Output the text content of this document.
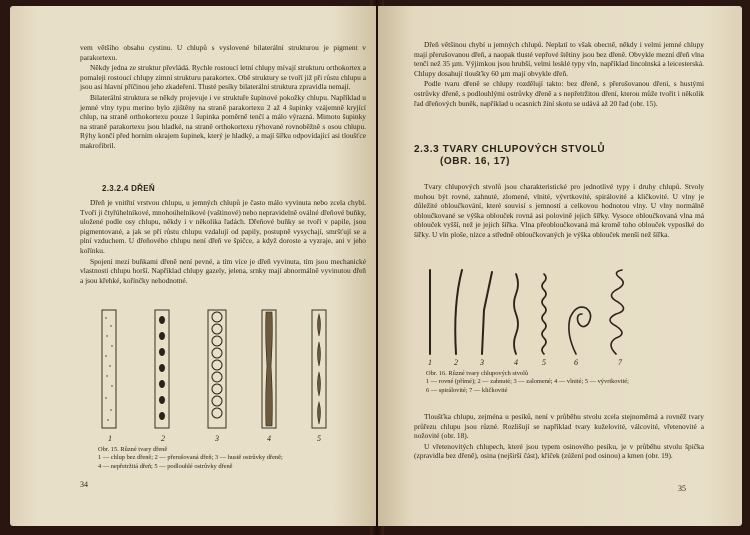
vem většího obsahu cystinu. U chlupů s vyslovené bilaterální strukturou je pigment v parakortexu.

Někdy jedna ze struktur převládá. Rychle rostoucí letní chlupy mívají strukturu orthokortex a pomaleji rostoucí chlupy zimní strukturu parakortex. Obě struktury se tvoří již při růstu chlupu a jsou asi hlavní příčinou jeho zkadeření. Tlusté pesíky bilaterální struktura zpravidla nemají.

Bilaterální struktura se někdy projevuje i ve struktuře šupinové pokožky chlupu. Například u jemné vlny typu merino bylo zjištěny na straně parakortexu 2 až 4 šupinky vzájemně kryjící chlup, na straně orthokortexu pouze 1 šupinka poměrně tenčí a málo výrazná. Mimoto šupinky na straně parakortexu jsou hladké, na straně orthokortexu rýhované rovnoběžně s osou chlupu. Rýhy končí před horním okrajem šupinek, který je hladký, a mají šířku odpovídající asi tloušťce makrofibril.

2.3.2.4 DŘEŇ

Dřeň je vnitřní vrstvou chlupu, u jemných chlupů je často málo vyvinuta nebo zcela chybí. Tvoří ji čtyřúhelníkové, mnohoúhelníkové (vaštinové) nebo nepravidelně oválné dřeňové buňky, uložené podle osy chlupu, někdy i v několika řadách. Dřeňové buňky se tvoří v papile, jsou pigmentované, a jak se při růstu chlupu vzdalují od papily, postupně vysychají, smršťují se a plní vzduchem. U dřeňového chlupu není dřeň ve špičce, a když doroste a vyzraje, ani v jeho kořínku.

Spojení mezi buňkami dřeně není pevné, a tím více je dřeň vyvinuta, tím jsou mechanické vlastnosti chlupu horší. Například chlupy gazely, jelena, srnky mají abnormálně vyvinutou dřeň a jsou křehké, kořínčky nehodnotné.

1	2	3	4	5
Obr. 15. Různé tvary dřeně
1 — chlup bez dřeně; 2 — přerušovaná dřeň; 3 — hustě ostrůvky dřeně;
4 — nepřetržitá dřeň; 5 — podlouhlé ostrůvky dřeně
34

Dřeň většinou chybí u jemných chlupů. Neplatí to však obecně, někdy i velmi jemné chlupy mají přerušovanou dřeň, a naopak tlusté vepřové štětiny jsou bez dřeně. Obvykle mezní dřeň vlna tenčí než 35 µm. Výjimkou jsou hrubší, velmi lesklé typy vln, například lincolnská a leicesterská. Chlupy dosahují tloušťky 60 µm mají obvykle dřeň.

Podle tvaru dřeně se chlupy rozdělují takto: bez dřeně, s přerušovanou dření, s hustými ostrůvky dřeně, s podlouhlými ostrůvky dřeně a s nepřetržitou dření, kterou může tvořit i několik řad dřeňových buněk, například u ocasních žíní skotu se udává až 20 řad (obr. 15).

2.3.3 TVARY CHLUPOVÝCH STVOLŮ
(OBR. 16, 17)

Tvary chlupových stvolů jsou charakteristické pro jednotlivé typy i druhy chlupů. Stvoly mohou být rovné, zahnuté, zlomené, vlnité, vývrtkovité, spirálovité a kličkovité. U vlny je důležité obloučkování, které souvisí s jemností a celkovou hodnotou vlny. U vlny normálně obloučkované se výška oblouček rovná asi polovině jejich šířky. Vysoce obloučkovaná vlna má oblouček vyšší, než je jejich šířka. Vlna přeobloučkovaná má kromě toho oblouček vyposlké do šířky. U vln ploše, nízce a středně obloučkovaných je výška oblouček menší než šířka.

1	2	3	4	5	6	7
Obr. 16. Různé tvary chlupových stvolů
1 — rovné (přímé); 2 — zahnuté; 3 — zalomené; 4 — vlnité; 5 — vývrtkovité;
6 — spirálovité; 7 — kličkovité

Tloušťka chlupu, zejména u pesíků, není v průběhu stvolu zcela stejnoměrná a rovněž tvary průřezu chlupu jsou různé. Rozlišují se například tvary kuželovité, válcovité, vřetenovité a nožovité (obr. 18).

U vřetenovitých chlupech, které jsou typem osinového pesíku, je v průběhu stvolu špička (zpravidla bez dřeně), osina (nejširší část), kříček (zúžení pod osinou) a kmen (obr. 19).

35
